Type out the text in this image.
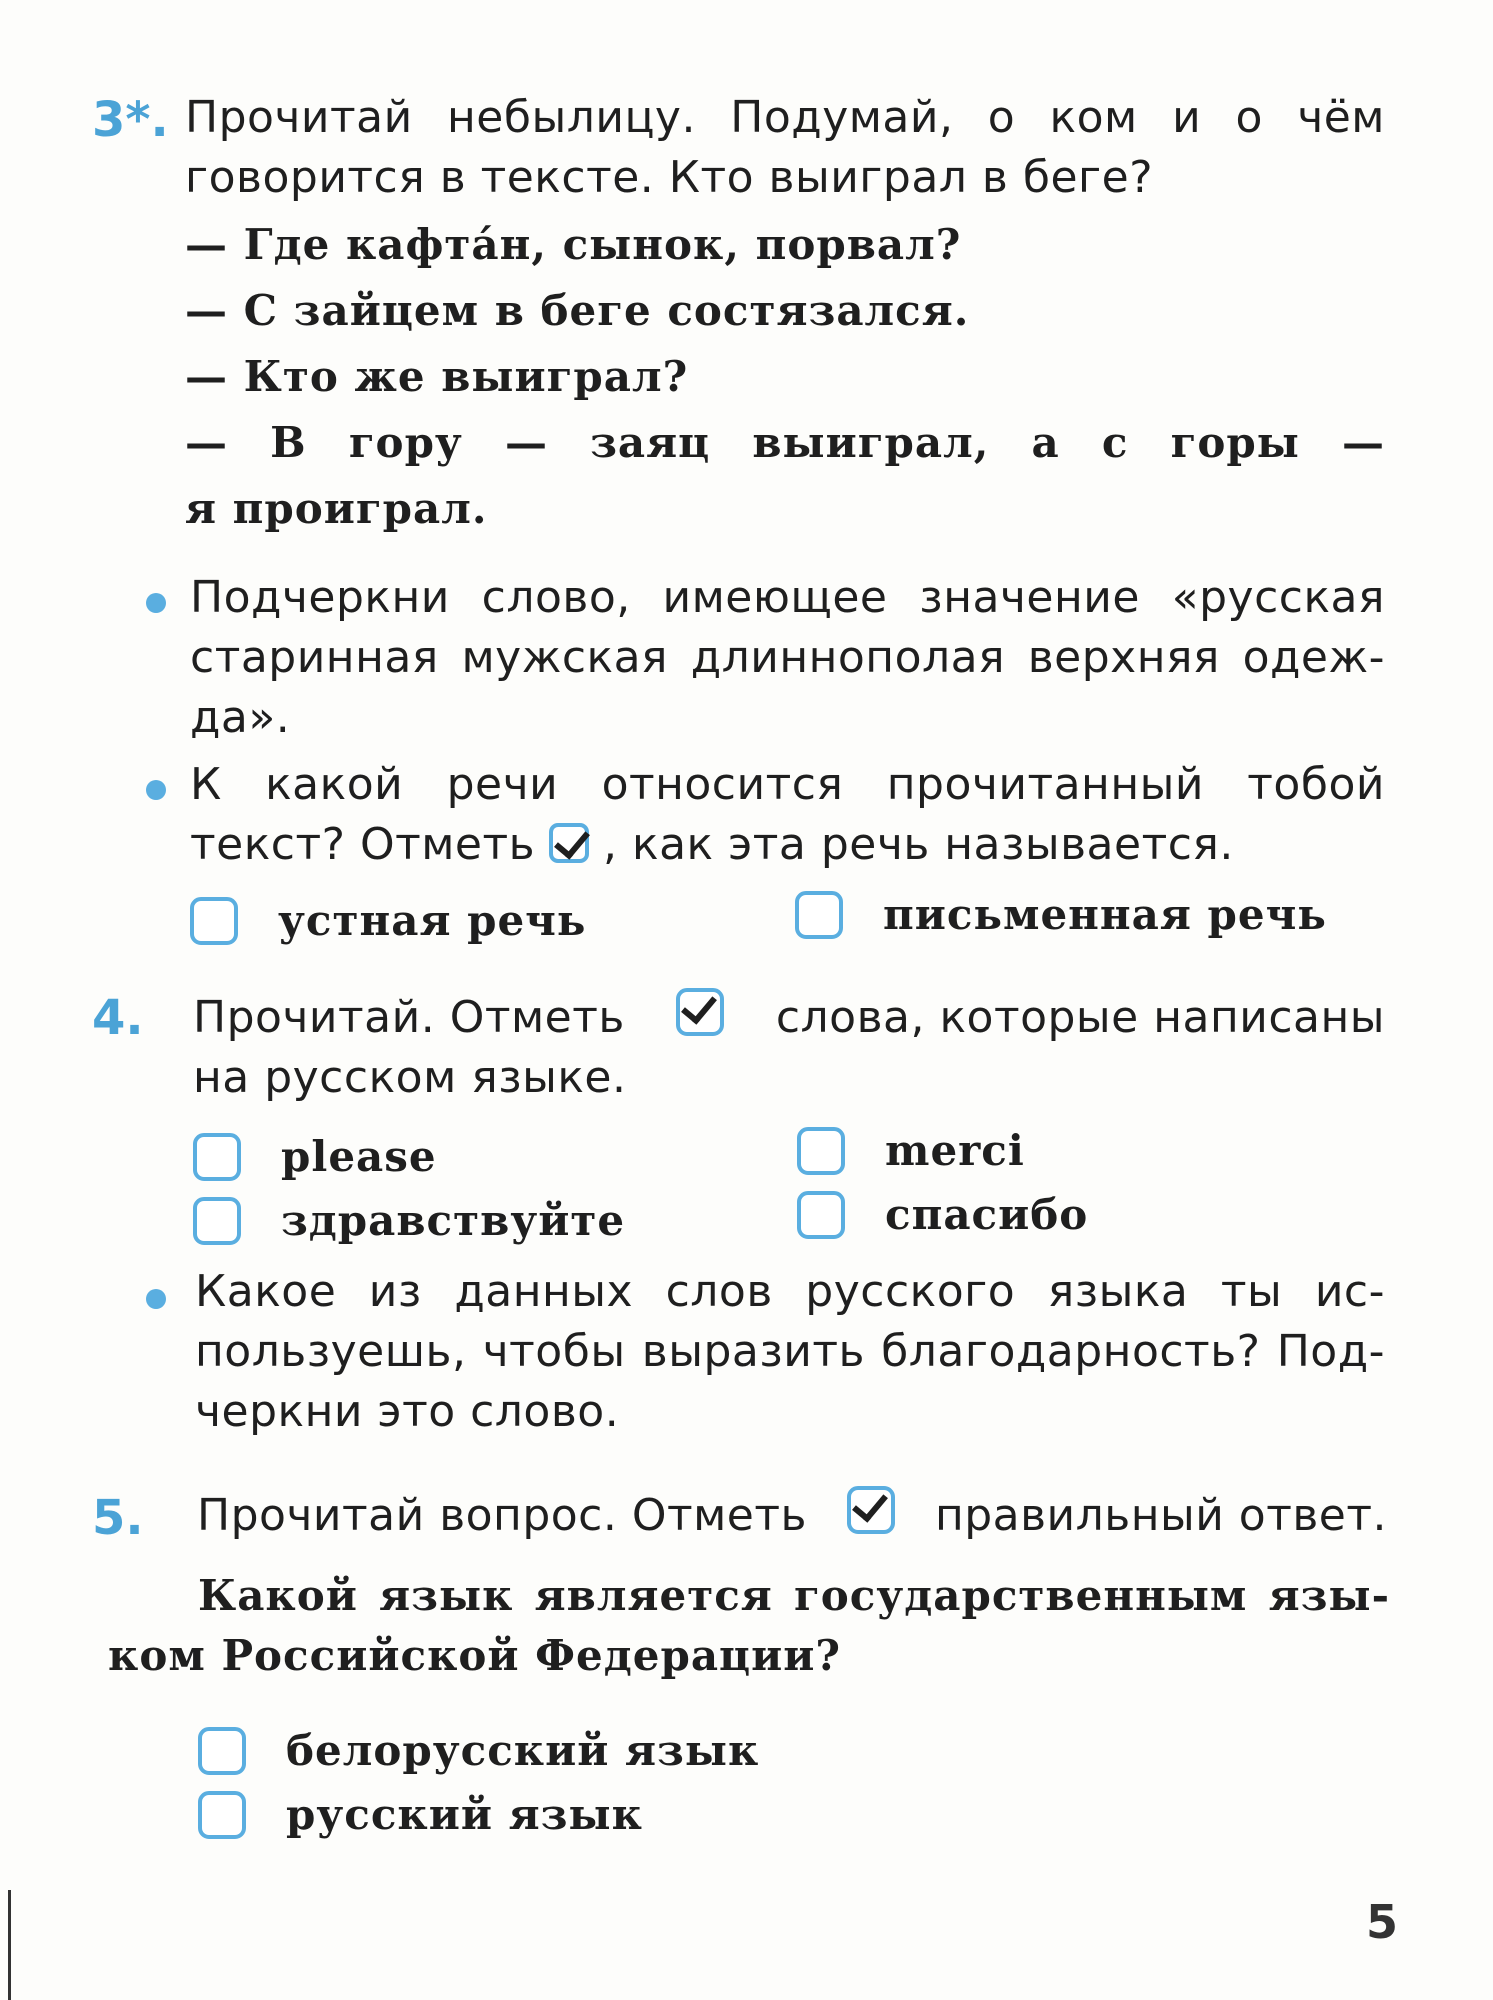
3*. Прочитай небылицу. Подумай, о ком и о чём
говорится в тексте. Кто выиграл в беге?
— Где кафта́н, сынок, порвал?
— С зайцем в беге состязался.
— Кто же выиграл?
— В гору — заяц выиграл, а с горы —
я проиграл.
Подчеркни слово, имеющее значение «русская старинная мужская длиннополая верхняя одеж-да».
К какой речи относится прочитанный тобой
текст? Отметь , как эта речь называется.
устная речь	письменная речь
4. Прочитай. Отметь	слова, которые написаны
на русском языке.
please	merci
здравствуйте	спасибо
Какое из данных слов русского языка ты ис-пользуешь, чтобы выразить благодарность? Под-черкни это слово.
5. Прочитай вопрос. Отметь	правильный ответ.
Какой язык является государственным язы-ком Российской Федерации?
белорусский язык
русский язык
5
